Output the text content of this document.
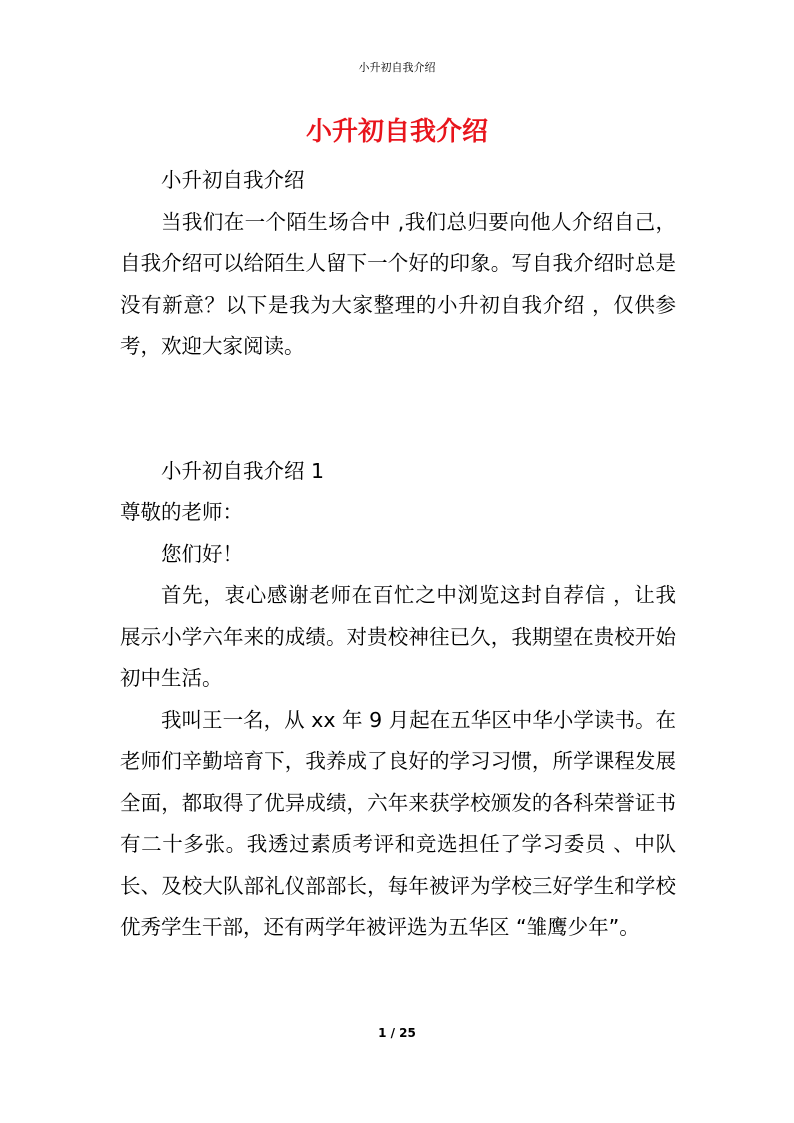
小升初自我介绍
小升初自我介绍

小升初自我介绍

当我们在一个陌生场合中 ,我们总归要向他人介绍自己，自我介绍可以给陌生人留下一个好的印象。写自我介绍时总是没有新意？以下是我为大家整理的小升初自我介绍 ，仅供参考，欢迎大家阅读。

小升初自我介绍 1

尊敬的老师：

您们好！

首先，衷心感谢老师在百忙之中浏览这封自荐信 ，让我展示小学六年来的成绩。对贵校神往已久，我期望在贵校开始初中生活。

我叫王一名，从 xx 年 9 月起在五华区中华小学读书。在老师们辛勤培育下，我养成了良好的学习习惯，所学课程发展全面，都取得了优异成绩，六年来获学校颁发的各科荣誉证书有二十多张。我透过素质考评和竞选担任了学习委员 、中队长、及校大队部礼仪部部长，每年被评为学校三好学生和学校优秀学生干部，还有两学年被评选为五华区 “雏鹰少年”。

1 / 25
